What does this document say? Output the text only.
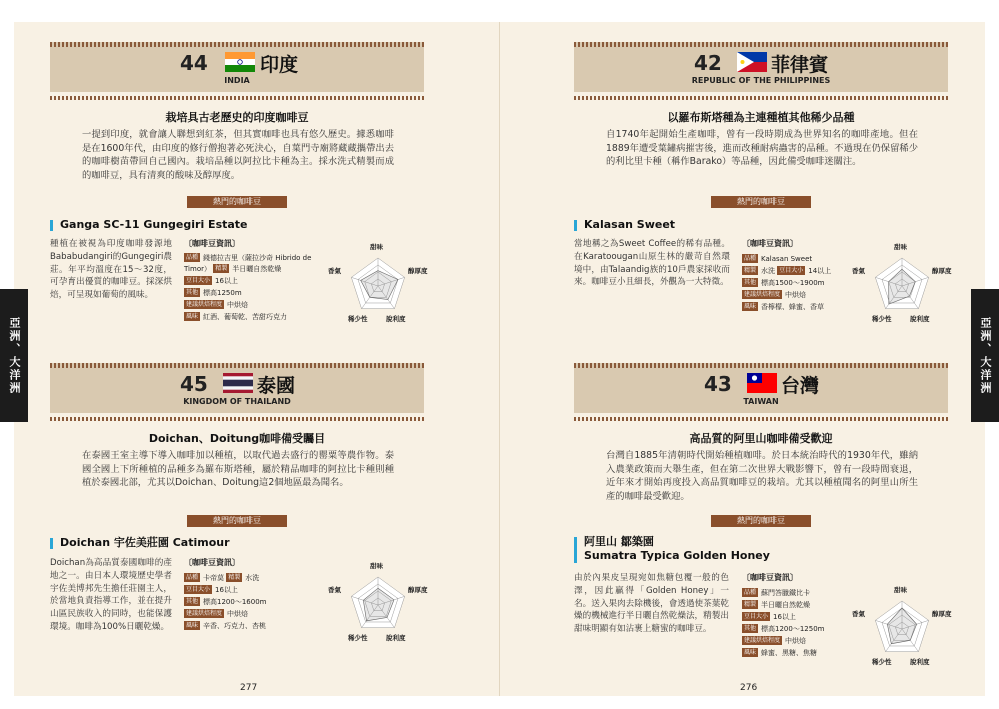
亞洲、大洋洲	亞洲、大洋洲
44	印度
INDIA
栽培具古老歷史的印度咖啡豆
一提到印度，就會讓人聯想到紅茶，但其實咖啡也具有悠久歷史。據悉咖啡是在1600年代，由印度的修行僧抱著必死決心，自葉門寺廟將藏藏攜帶出去的咖啡樹苗帶回自己國內。栽培品種以阿拉比卡種為主。採水洗式精製而成的咖啡豆，具有清爽的酸味及醇厚度。
熱門的咖啡豆
Ganga SC-11 Gungegiri Estate
種植在被視為印度咖啡發源地Bababudangiri的Gungegiri農莊。年平均溫度在15～32度，可孕育出優質的咖啡豆。採深烘焙，可呈現如葡萄的風味。
〔咖啡豆資訊〕
品種 錢德拉吉里（薩拉沙奇 Hibrido de Timor） 精製 半日曬自然乾燥
豆目大小 16以上
其他 標高1250m
建議烘焙程度 中烘焙
風味 紅酒、葡萄乾、苦甜巧克力
甜味
醇厚度
說利度
稀少性
香氣
45	泰國
KINGDOM OF THAILAND
Doichan、Doitung咖啡備受矚目
在泰國王室主導下導入咖啡加以種植，以取代過去盛行的罌粟等農作物。泰國全國上下所種植的品種多為羅布斯塔種，屬於精品咖啡的阿拉比卡種則種植於泰國北部，尤其以Doichan、Doitung這2個地區最為聞名。
熱門的咖啡豆
Doichan 宇佐美莊園 Catimour
Doichan為高品質泰國咖啡的產地之一。由日本人環境歷史學者宇佐美博邦先生擔任莊園主人，於當地負責指導工作，並在提升山區民族收入的同時，也能保護環境。咖啡為100%日曬乾燥。
〔咖啡豆資訊〕
品種 卡帝莫 精製 水洗
豆目大小 16以上
其他 標高1200～1600m
建議烘焙程度 中烘焙
風味 辛香、巧克力、杏桃
甜味
醇厚度
說利度
稀少性
香氣
42	菲律賓
REPUBLIC OF THE PHILIPPINES
以羅布斯塔種為主連種植其他稀少品種
自1740年起開始生產咖啡，曾有一段時期成為世界知名的咖啡產地。但在1889年遭受葉鏽病摧害後，進而改種耐病蟲害的品種。不過現在仍保留稀少的利比里卡種（稱作Barako）等品種，因此備受咖啡迷關注。
熱門的咖啡豆
Kalasan Sweet
當地稱之為Sweet Coffee的稀有品種。在Karatoougan山原生林的嚴苛自然環境中，由Talaandig族的10戶農家採收而來。咖啡豆小且細長，外觀為一大特徵。
〔咖啡豆資訊〕
品種 Kalasan Sweet
精製 水洗 豆目大小 14以上
其他 標高1500～1900m
建議烘焙程度 中烘焙
風味 香檸檬、蜂蜜、香草
甜味
醇厚度
說利度
稀少性
香氣
43	台灣
TAIWAN
高品質的阿里山咖啡備受歡迎
台灣自1885年清朝時代開始種植咖啡。於日本統治時代的1930年代，雖納入農業政策而大舉生產，但在第二次世界大戰影響下，曾有一段時間衰退，近年來才開始再度投入高品質咖啡豆的栽培。尤其以種植聞名的阿里山所生產的咖啡最受歡迎。
熱門的咖啡豆
阿里山 鄒築園
Sumatra Typica Golden Honey
由於內果皮呈現宛如焦糖包覆一般的色澤，因此贏得「Golden Honey」一名。送入果肉去除機後，會透過使茶葉乾燥的機械進行半日曬自然乾燥法，精製出甜味明顯有如沾裹上糖蜜的咖啡豆。
〔咖啡豆資訊〕
品種 蘇門答臘鐵比卡
精製 半日曬自然乾燥
豆目大小 16以上
其他 標高1200～1250m
建議烘焙程度 中烘焙
風味 蜂蜜、黑糖、焦糖
甜味
醇厚度
說利度
稀少性
香氣
277	276
